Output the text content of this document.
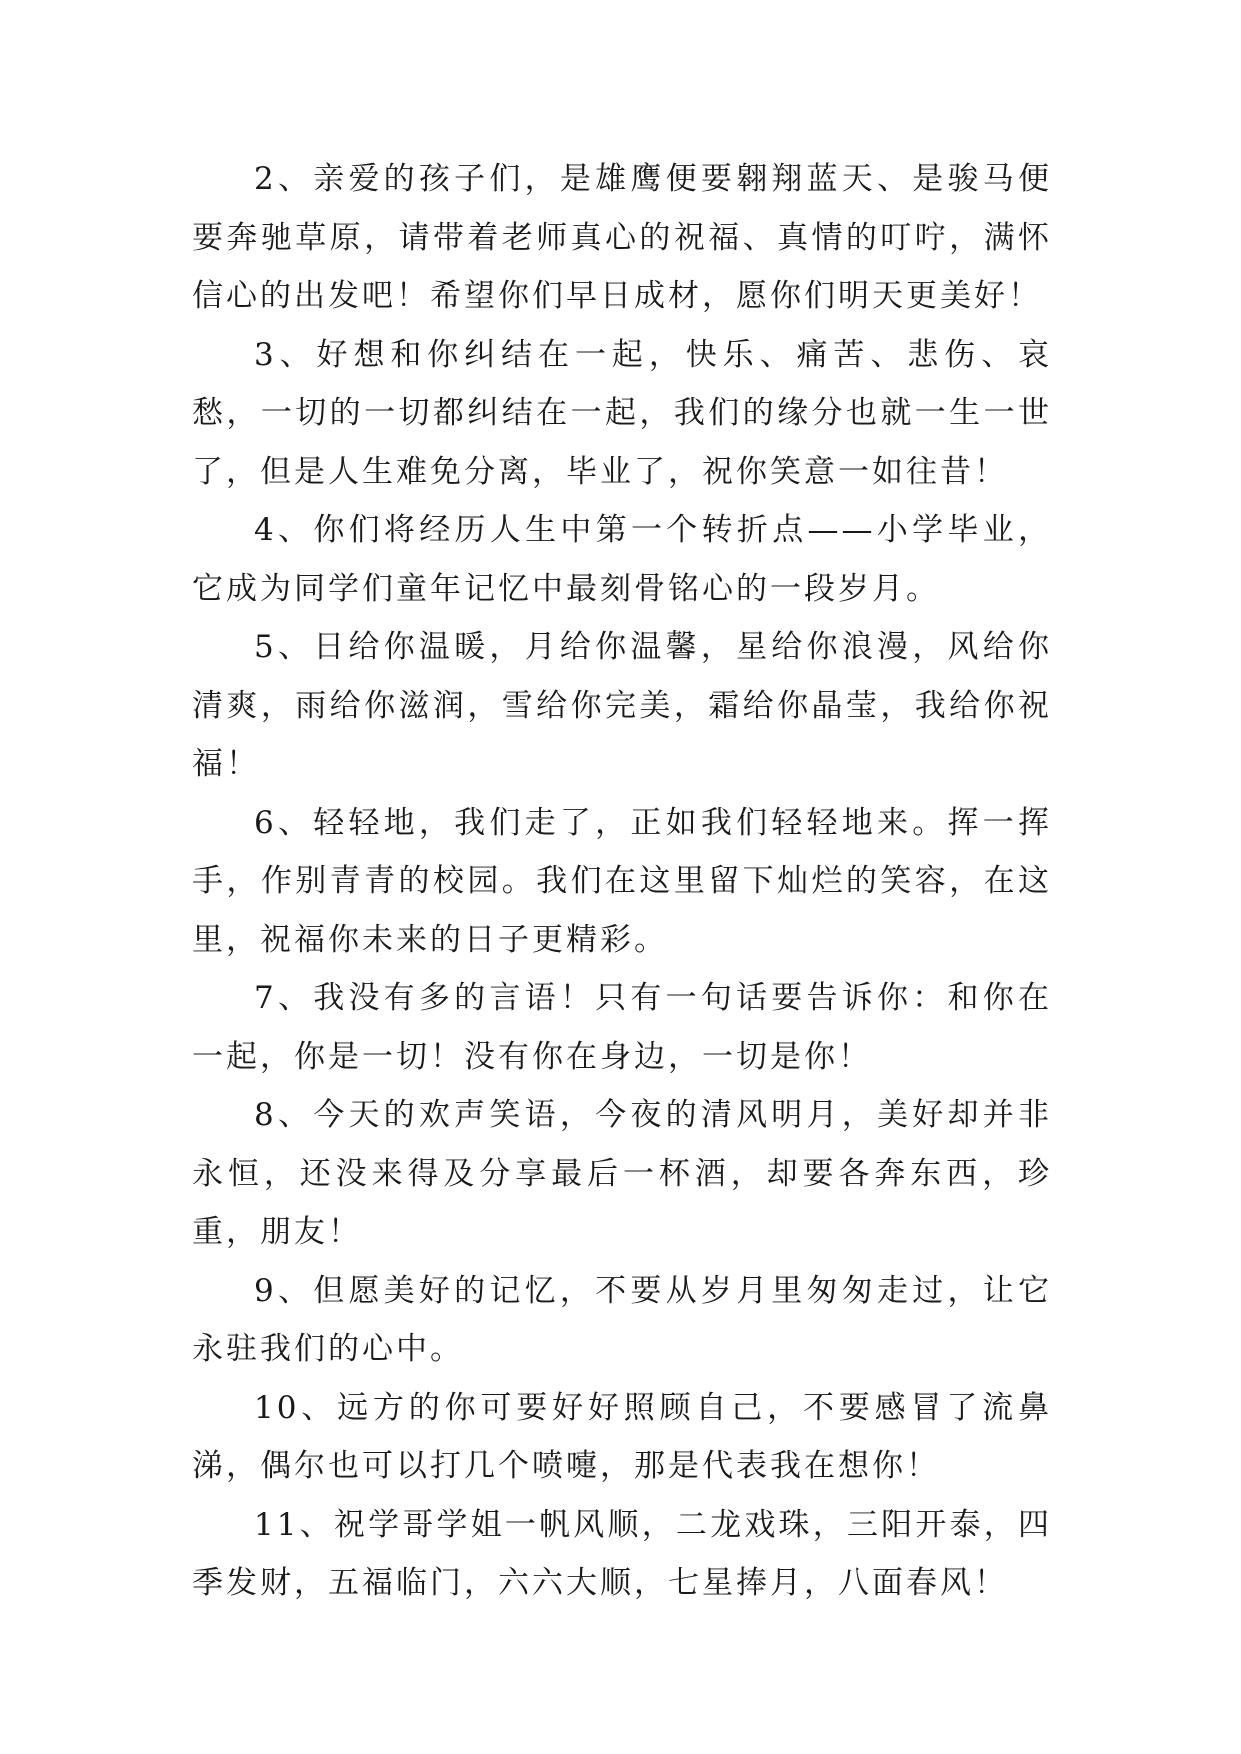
2、亲爱的孩子们，是雄鹰便要翱翔蓝天、是骏马便要奔驰草原，请带着老师真心的祝福、真情的叮咛，满怀信心的出发吧！希望你们早日成材，愿你们明天更美好！

3、好想和你纠结在一起，快乐、痛苦、悲伤、哀愁，一切的一切都纠结在一起，我们的缘分也就一生一世了，但是人生难免分离，毕业了，祝你笑意一如往昔！

4、你们将经历人生中第一个转折点——小学毕业，它成为同学们童年记忆中最刻骨铭心的一段岁月。

5、日给你温暖，月给你温馨，星给你浪漫，风给你清爽，雨给你滋润，雪给你完美，霜给你晶莹，我给你祝福！

6、轻轻地，我们走了，正如我们轻轻地来。挥一挥手，作别青青的校园。我们在这里留下灿烂的笑容，在这里，祝福你未来的日子更精彩。

7、我没有多的言语！只有一句话要告诉你：和你在一起，你是一切！没有你在身边，一切是你！

8、今天的欢声笑语，今夜的清风明月，美好却并非永恒，还没来得及分享最后一杯酒，却要各奔东西，珍重，朋友！

9、但愿美好的记忆，不要从岁月里匆匆走过，让它永驻我们的心中。

10、远方的你可要好好照顾自己，不要感冒了流鼻涕，偶尔也可以打几个喷嚏，那是代表我在想你！

11、祝学哥学姐一帆风顺，二龙戏珠，三阳开泰，四季发财，五福临门，六六大顺，七星捧月，八面春风！
